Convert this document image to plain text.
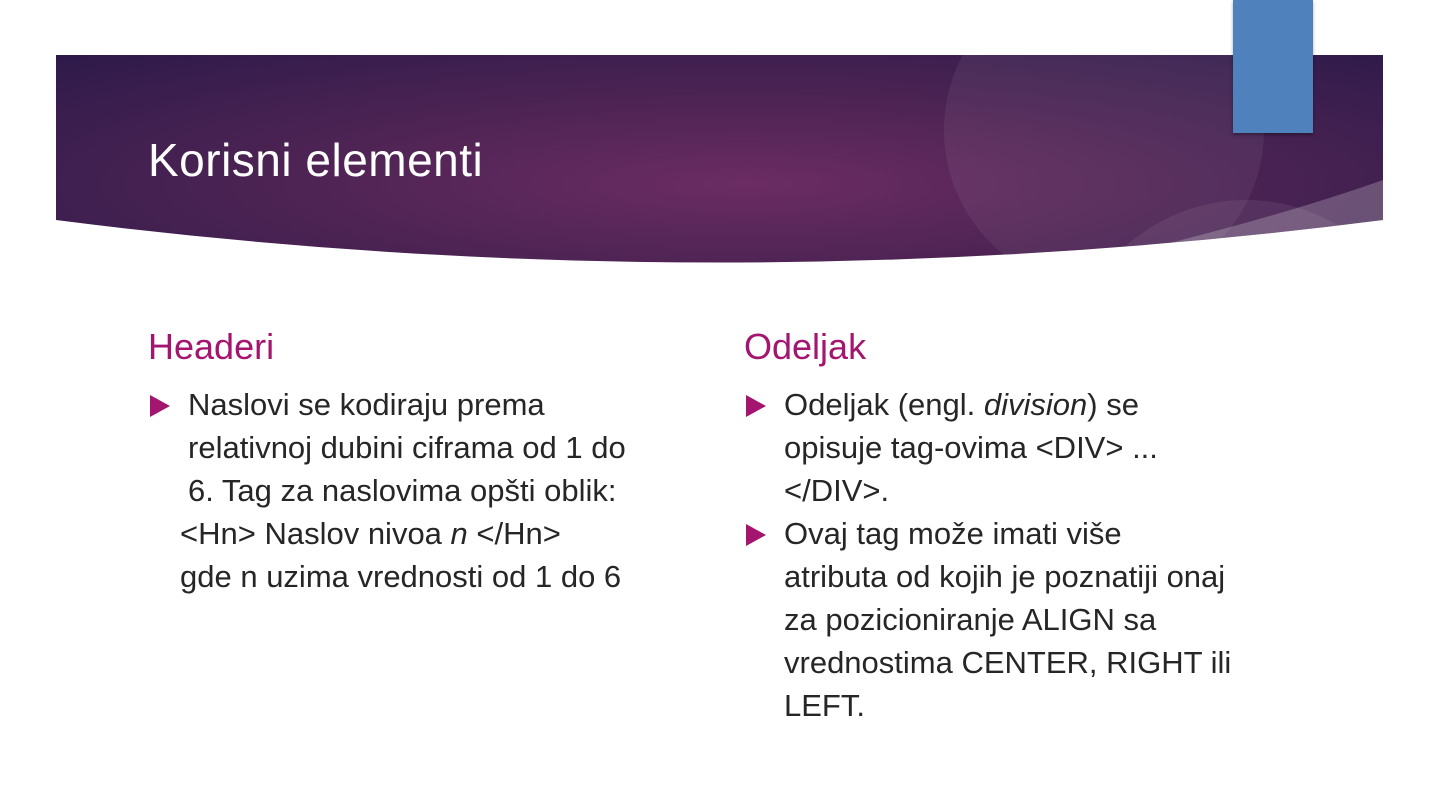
Korisni elementi
Headeri
Naslovi se kodiraju prema
relativnoj dubini ciframa od 1 do
6. Tag za naslovima opšti oblik:
<Hn> Naslov nivoa n </Hn>
gde n uzima vrednosti od 1 do 6
Odeljak
Odeljak (engl. division) se
opisuje tag-ovima <DIV> ...
</DIV>.
Ovaj tag može imati više
atributa od kojih je poznatiji onaj
za pozicioniranje ALIGN sa
vrednostima CENTER, RIGHT ili
LEFT.
